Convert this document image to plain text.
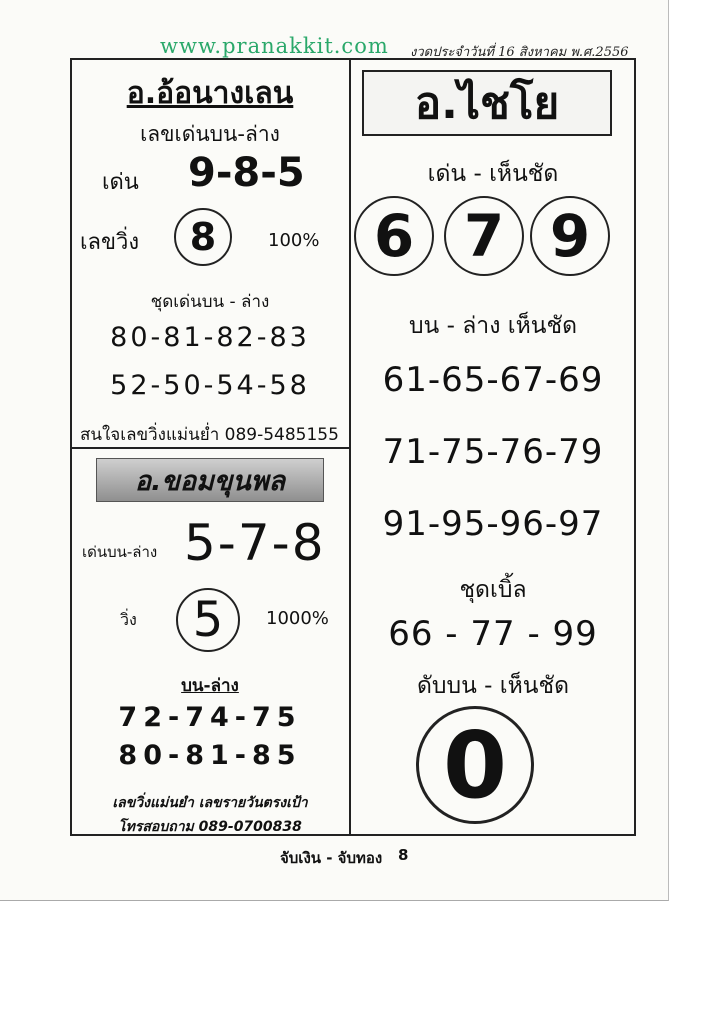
www.pranakkit.com งวดประจำวันที่ 16 สิงหาคม พ.ศ.2556
อ.อ้อนางเลน
เลขเด่นบน-ล่าง
เด่น 9-8-5
เลขวิ่ง 8	100%
ชุดเด่นบน - ล่าง
80-81-82-83
52-50-54-58
สนใจเลขวิ่งแม่นย่ำ 089-5485155
อ.ขอมขุนพล
เด่นบน-ล่าง 5-7-8
วิ่ง 5 1000%
บน-ล่าง
72-74-75
80-81-85
เลขวิ่งแม่นยำ เลขรายวันตรงเป้า
โทรสอบถาม 089-0700838
อ.ไชโย
เด่น - เห็นชัด
6 7 9
บน - ล่าง เห็นชัด
61-65-67-69
71-75-76-79
91-95-96-97
ชุดเบิ้ล
66 - 77 - 99
ดับบน - เห็นชัด
0
จับเงิน - จับทอง 8
